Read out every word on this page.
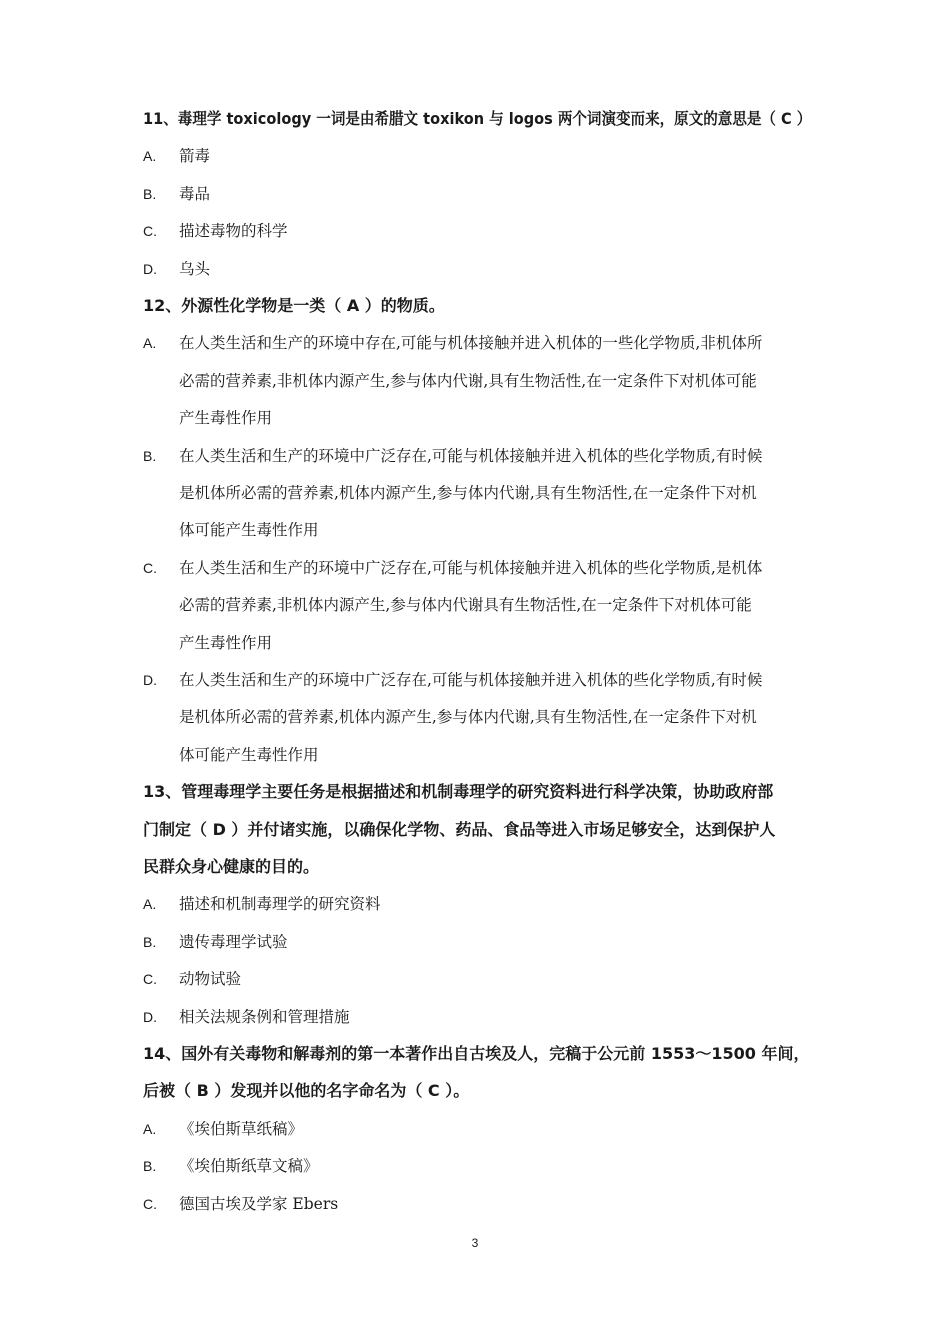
11、毒理学 toxicology 一词是由希腊文 toxikon 与 logos 两个词演变而来，原文的意思是（ C ）
A. 箭毒
B. 毒品
C. 描述毒物的科学
D. 乌头
12、外源性化学物是一类（ A ）的物质。
A. 在人类生活和生产的环境中存在,可能与机体接触并进入机体的一些化学物质,非机体所
必需的营养素,非机体内源产生,参与体内代谢,具有生物活性,在一定条件下对机体可能
产生毒性作用
B. 在人类生活和生产的环境中广泛存在,可能与机体接触并进入机体的些化学物质,有时候
是机体所必需的营养素,机体内源产生,参与体内代谢,具有生物活性,在一定条件下对机
体可能产生毒性作用
C. 在人类生活和生产的环境中广泛存在,可能与机体接触并进入机体的些化学物质,是机体
必需的营养素,非机体内源产生,参与体内代谢具有生物活性,在一定条件下对机体可能
产生毒性作用
D. 在人类生活和生产的环境中广泛存在,可能与机体接触并进入机体的些化学物质,有时候
是机体所必需的营养素,机体内源产生,参与体内代谢,具有生物活性,在一定条件下对机
体可能产生毒性作用
13、管理毒理学主要任务是根据描述和机制毒理学的研究资料进行科学决策，协助政府部
门制定（ D ）并付诸实施，以确保化学物、药品、食品等进入市场足够安全，达到保护人
民群众身心健康的目的。
A. 描述和机制毒理学的研究资料
B. 遗传毒理学试验
C. 动物试验
D. 相关法规条例和管理措施
14、国外有关毒物和解毒剂的第一本著作出自古埃及人，完稿于公元前 1553～1500 年间，
后被（ B ）发现并以他的名字命名为（ C ）。
A. 《埃伯斯草纸稿》
B. 《埃伯斯纸草文稿》
C. 德国古埃及学家 Ebers
3
